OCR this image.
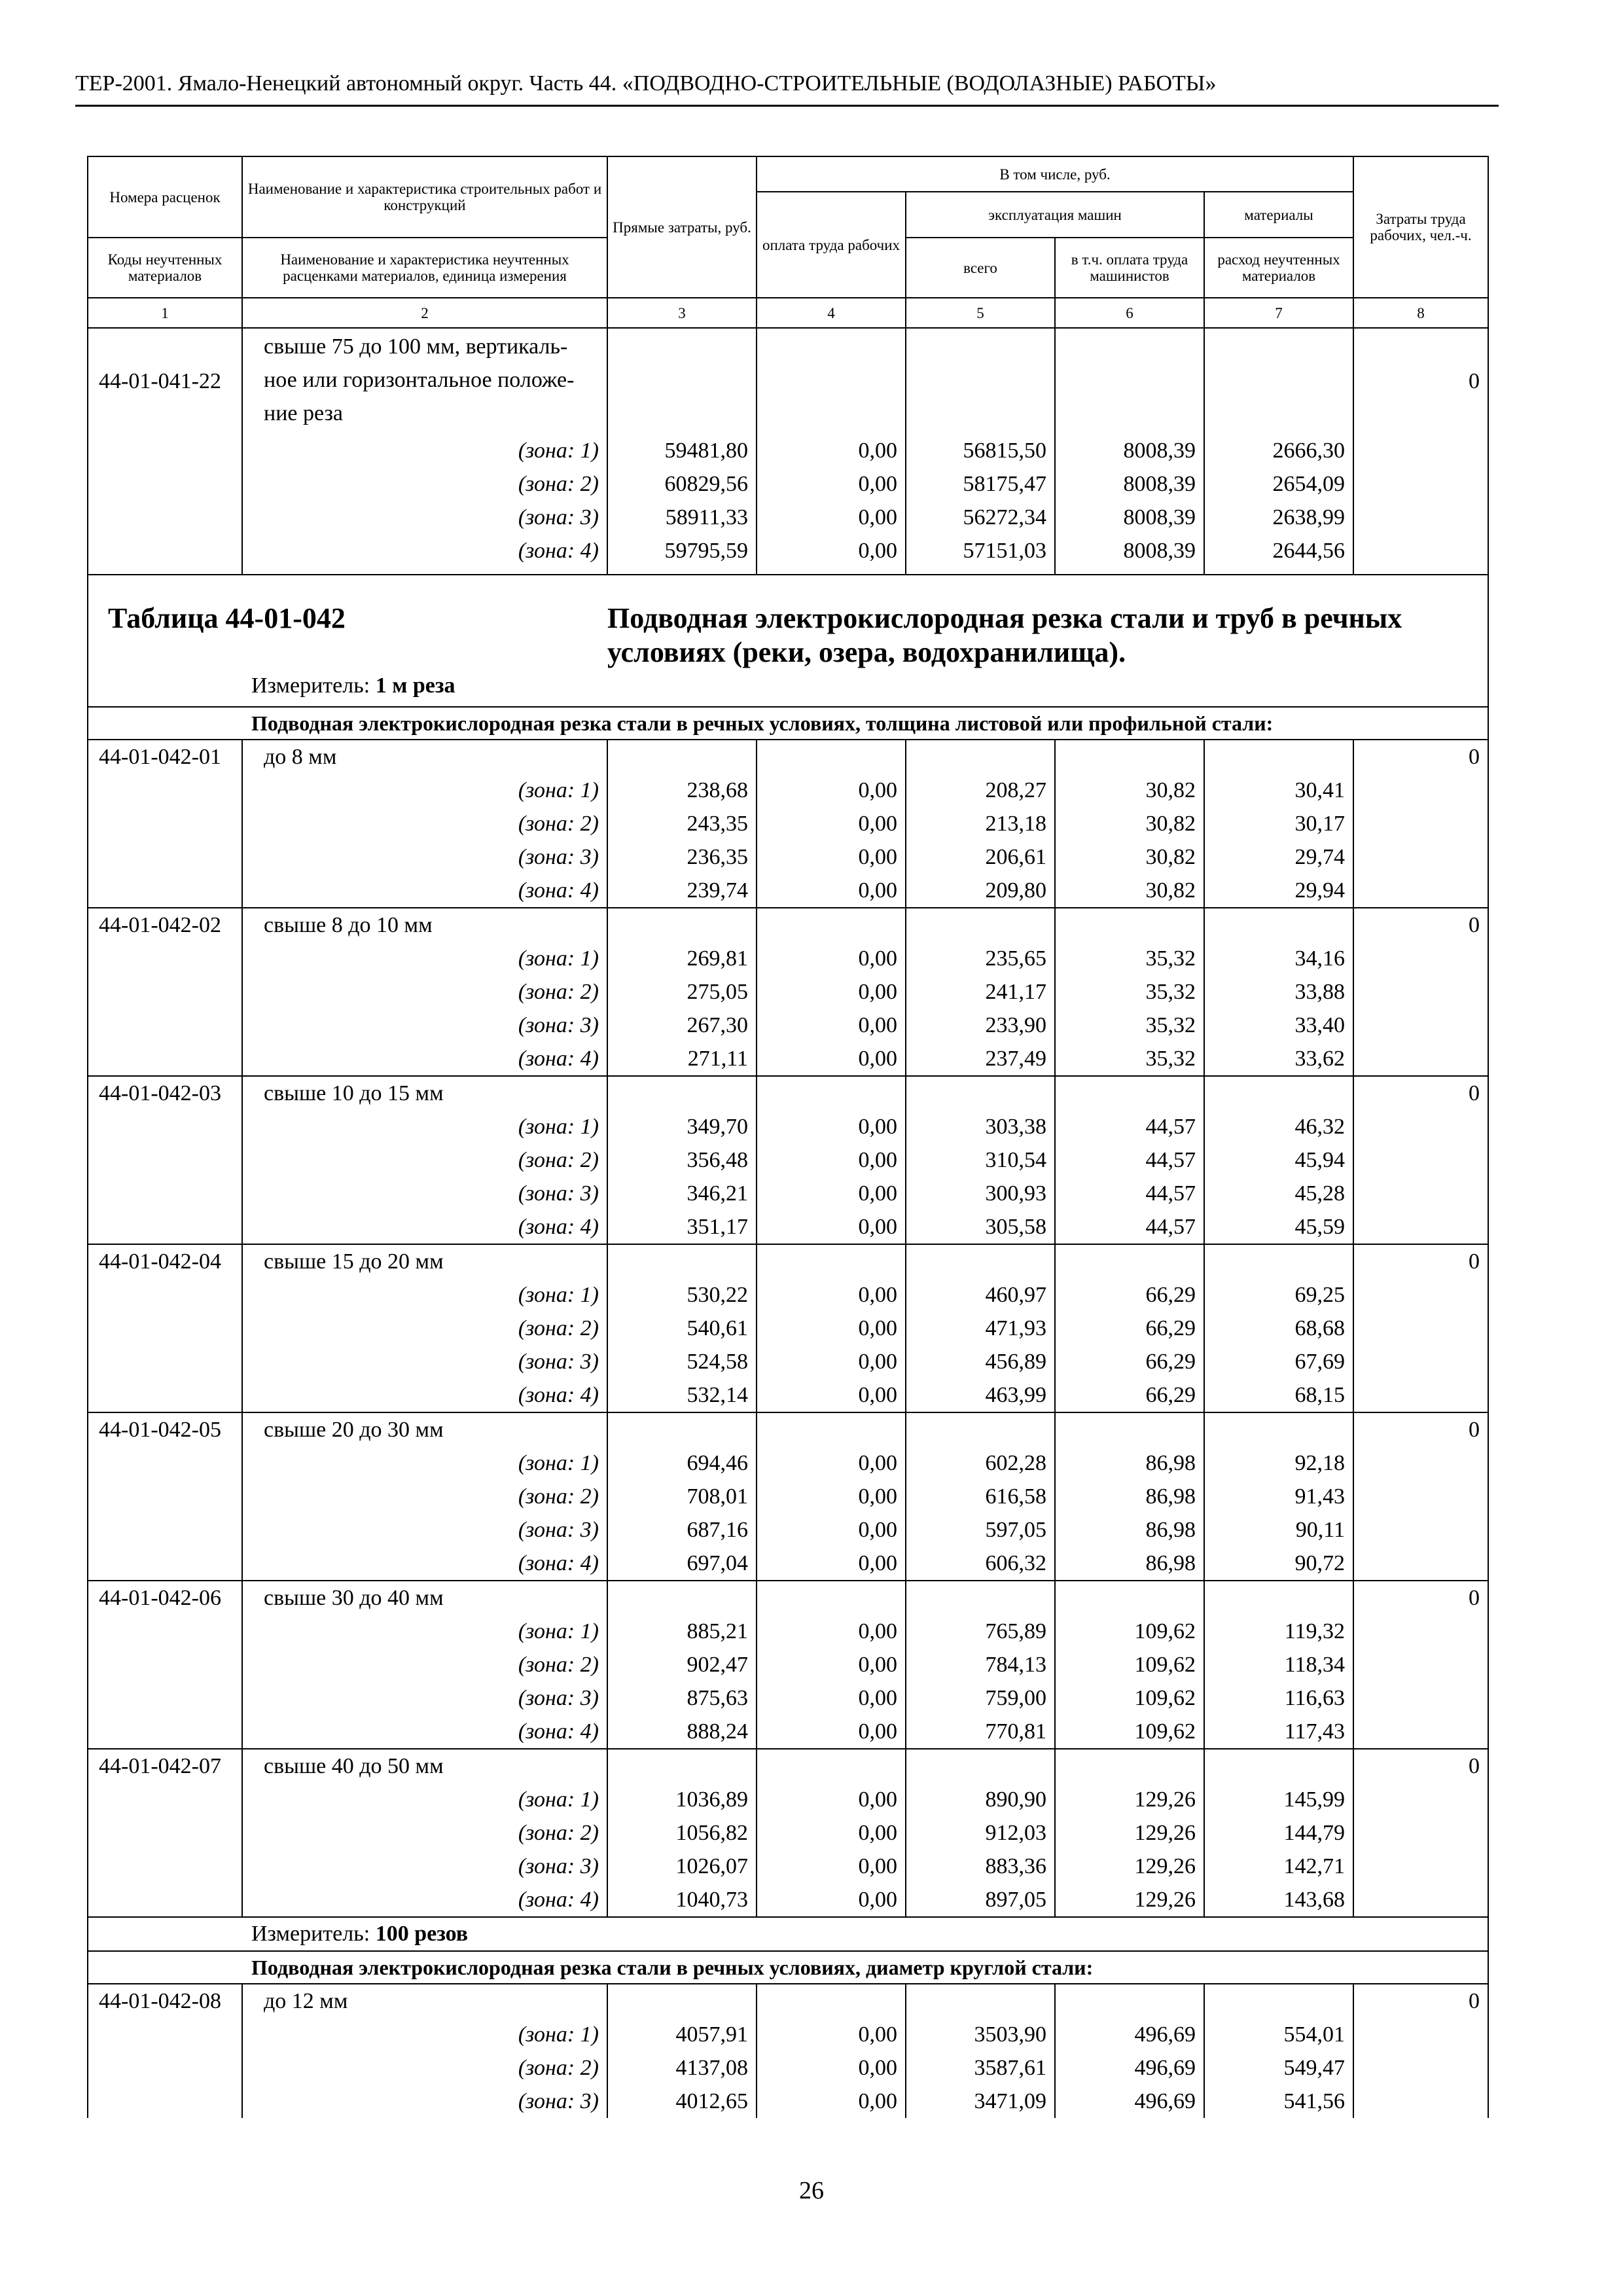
ТЕР-2001. Ямало-Ненецкий автономный округ. Часть 44. «ПОДВОДНО-СТРОИТЕЛЬНЫЕ (ВОДОЛАЗНЫЕ) РАБОТЫ»
Номера расценок	Наименование и характеристика строительных работ и конструкций	Прямые затраты, руб.	В том числе, руб.				Затраты труда рабочих, чел.-ч.
			оплата труда рабочих	эксплуатация машин		материалы	
Коды неучтенных материалов	Наименование и характеристика неучтенных расценками материалов, единица измерения			всего	в т.ч. оплата труда машинистов	расход неучтенных материалов	
1	2	3	4	5	6	7	8
44-01-041-22	свыше 75 до 100 мм, вертикаль-ное или горизонтальное положе-ние реза						0
	(зона: 1)	59481,80	0,00	56815,50	8008,39	2666,30	
	(зона: 2)	60829,56	0,00	58175,47	8008,39	2654,09	
	(зона: 3)	58911,33	0,00	56272,34	8008,39	2638,99	
	(зона: 4)	59795,59	0,00	57151,03	8008,39	2644,56	

Таблица 44-01-042		Подводная электрокислородная резка стали и труб в речных условиях (реки, озера, водохранилища).					
	Измеритель: 1 м реза						
	Подводная электрокислородная резка стали в речных условиях, толщина листовой или профильной стали:						
44-01-042-01	до 8 мм						0
	(зона: 1)	238,68	0,00	208,27	30,82	30,41	
	(зона: 2)	243,35	0,00	213,18	30,82	30,17	
	(зона: 3)	236,35	0,00	206,61	30,82	29,74	
	(зона: 4)	239,74	0,00	209,80	30,82	29,94	
44-01-042-02	свыше 8 до 10 мм						0
	(зона: 1)	269,81	0,00	235,65	35,32	34,16	
	(зона: 2)	275,05	0,00	241,17	35,32	33,88	
	(зона: 3)	267,30	0,00	233,90	35,32	33,40	
	(зона: 4)	271,11	0,00	237,49	35,32	33,62	
44-01-042-03	свыше 10 до 15 мм						0
	(зона: 1)	349,70	0,00	303,38	44,57	46,32	
	(зона: 2)	356,48	0,00	310,54	44,57	45,94	
	(зона: 3)	346,21	0,00	300,93	44,57	45,28	
	(зона: 4)	351,17	0,00	305,58	44,57	45,59	
44-01-042-04	свыше 15 до 20 мм						0
	(зона: 1)	530,22	0,00	460,97	66,29	69,25	
	(зона: 2)	540,61	0,00	471,93	66,29	68,68	
	(зона: 3)	524,58	0,00	456,89	66,29	67,69	
	(зона: 4)	532,14	0,00	463,99	66,29	68,15	
44-01-042-05	свыше 20 до 30 мм						0
	(зона: 1)	694,46	0,00	602,28	86,98	92,18	
	(зона: 2)	708,01	0,00	616,58	86,98	91,43	
	(зона: 3)	687,16	0,00	597,05	86,98	90,11	
	(зона: 4)	697,04	0,00	606,32	86,98	90,72	
44-01-042-06	свыше 30 до 40 мм						0
	(зона: 1)	885,21	0,00	765,89	109,62	119,32	
	(зона: 2)	902,47	0,00	784,13	109,62	118,34	
	(зона: 3)	875,63	0,00	759,00	109,62	116,63	
	(зона: 4)	888,24	0,00	770,81	109,62	117,43	
44-01-042-07	свыше 40 до 50 мм						0
	(зона: 1)	1036,89	0,00	890,90	129,26	145,99	
	(зона: 2)	1056,82	0,00	912,03	129,26	144,79	
	(зона: 3)	1026,07	0,00	883,36	129,26	142,71	
	(зона: 4)	1040,73	0,00	897,05	129,26	143,68	
	Измеритель: 100 резов						
	Подводная электрокислородная резка стали в речных условиях, диаметр круглой стали:						
44-01-042-08	до 12 мм						0
	(зона: 1)	4057,91	0,00	3503,90	496,69	554,01	
	(зона: 2)	4137,08	0,00	3587,61	496,69	549,47	
	(зона: 3)	4012,65	0,00	3471,09	496,69	541,56	
26
